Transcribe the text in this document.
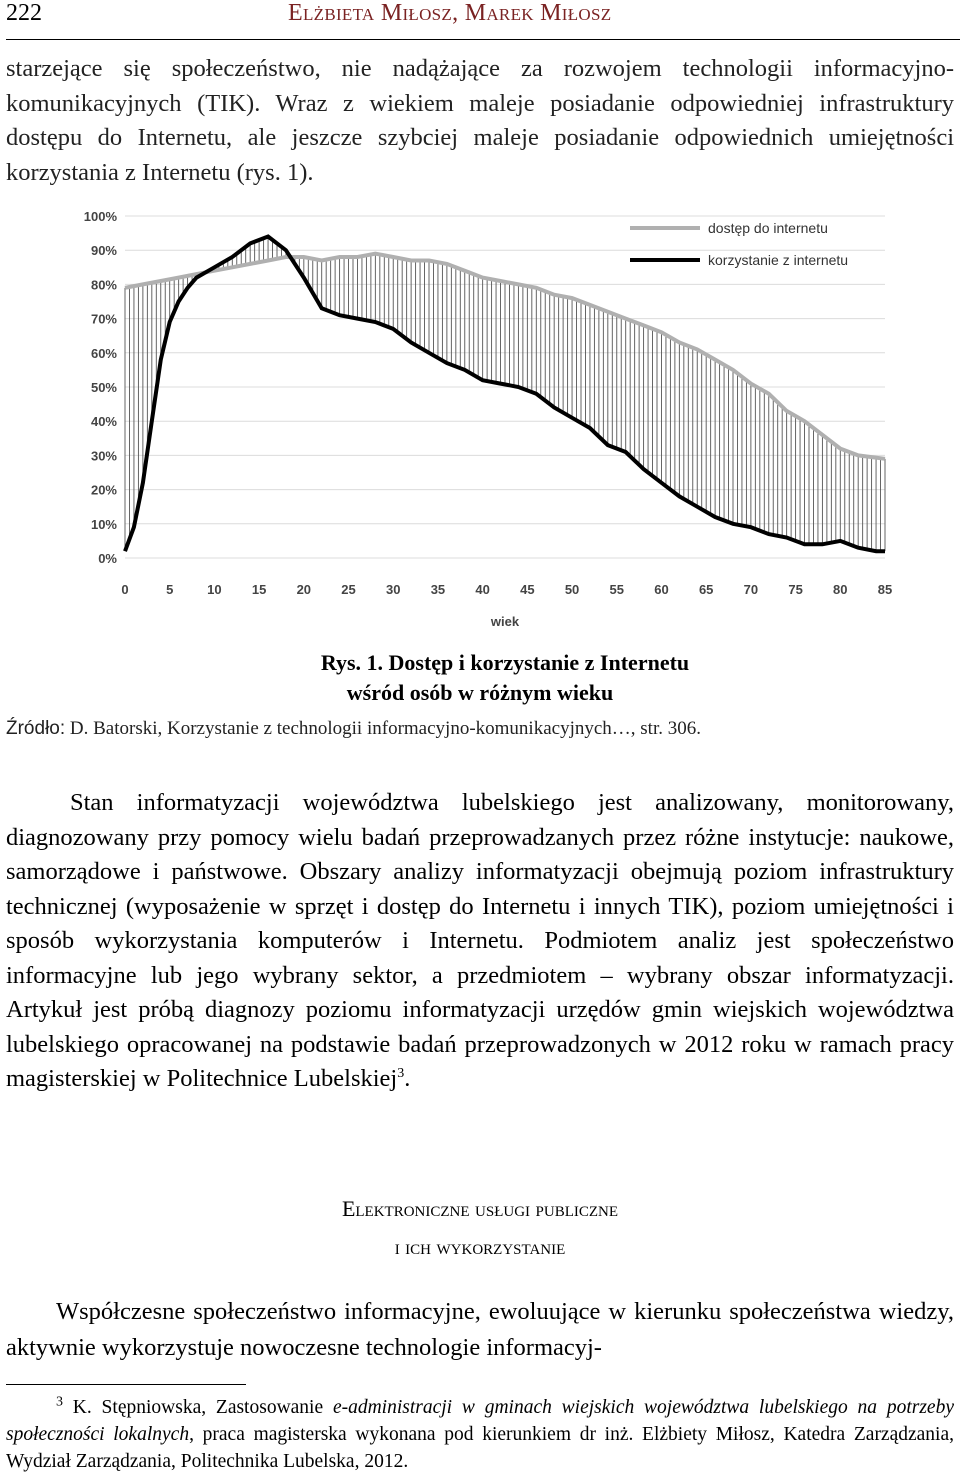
222	Elżbieta Miłosz, Marek Miłosz

starzejące się społeczeństwo, nie nadążające za rozwojem technologii informacyjno-komunikacyjnych (TIK). Wraz z wiekiem maleje posiadanie odpowiedniej infrastruktury dostępu do Internetu, ale jeszcze szybciej maleje posiadanie odpowiednich umiejętności korzystania z Internetu (rys. 1).

0%
10%
20%
30%
40%
50%
60%
70%
80%
90%
100%
0	5	10 15 20 25 30 35 40 45 50 55 60 65 70 75 80 85
wiek
dostęp do internetu
korzystanie z internetu
Rys. 1. Dostęp i korzystanie z Internetu
wśród osób w różnym wieku
Źródło: D. Batorski, Korzystanie z technologii informacyjno-komunikacyjnych…, str. 306.

Stan informatyzacji województwa lubelskiego jest analizowany, monitorowany, diagnozowany przy pomocy wielu badań przeprowadzanych przez różne instytucje: naukowe, samorządowe i państwowe. Obszary analizy informatyzacji obejmują poziom infrastruktury technicznej (wyposażenie w sprzęt i dostęp do Internetu i innych TIK), poziom umiejętności i sposób wykorzystania komputerów i Internetu. Podmiotem analiz jest społeczeństwo informacyjne lub jego wybrany sektor, a przedmiotem – wybrany obszar informatyzacji. Artykuł jest próbą diagnozy poziomu informatyzacji urzędów gmin wiejskich województwa lubelskiego opracowanej na podstawie badań przeprowadzonych w 2012 roku w ramach pracy magisterskiej w Politechnice Lubelskiej$^3$.

Elektroniczne usługi publiczne
i ich wykorzystanie

Współczesne społeczeństwo informacyjne, ewoluujące w kierunku społeczeństwa wiedzy, aktywnie wykorzystuje nowoczesne technologie informacyj-

$^3$ K. Stępniowska, Zastosowanie e-administracji w gminach wiejskich województwa lubelskiego na potrzeby społeczności lokalnych, praca magisterska wykonana pod kierunkiem dr inż. Elżbiety Miłosz, Katedra Zarządzania, Wydział Zarządzania, Politechnika Lubelska, 2012.
